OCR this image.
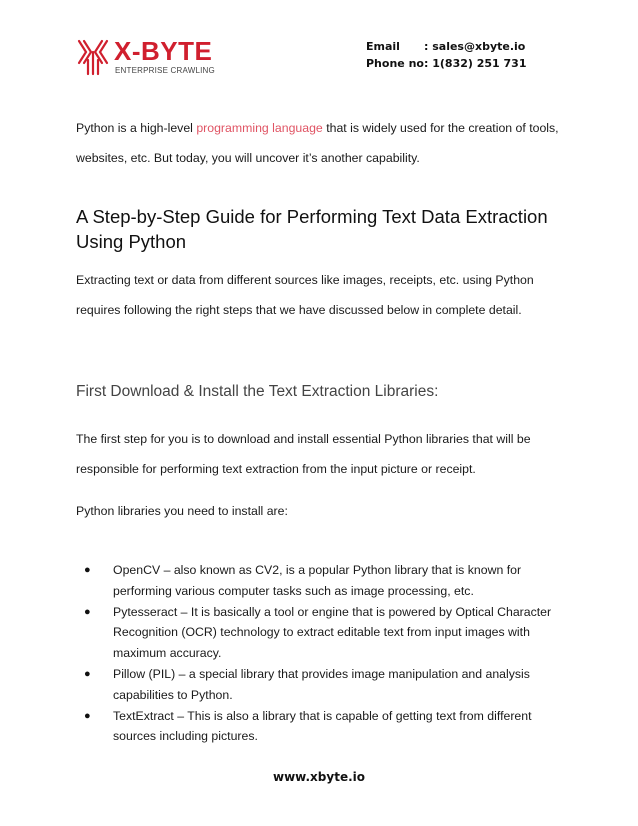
X-BYTE
ENTERPRISE CRAWLING
Email : sales@xbyte.io
Phone no: 1(832) 251 731

Python is a high-level programming language that is widely used for the creation of tools, websites, etc. But today, you will uncover it’s another capability.

A Step-by-Step Guide for Performing Text Data Extraction Using Python

Extracting text or data from different sources like images, receipts, etc. using Python requires following the right steps that we have discussed below in complete detail.

First Download & Install the Text Extraction Libraries:

The first step for you is to download and install essential Python libraries that will be responsible for performing text extraction from the input picture or receipt.

Python libraries you need to install are:

● OpenCV – also known as CV2, is a popular Python library that is known for performing various computer tasks such as image processing, etc.
● Pytesseract – It is basically a tool or engine that is powered by Optical Character Recognition (OCR) technology to extract editable text from input images with maximum accuracy.
● Pillow (PIL) – a special library that provides image manipulation and analysis capabilities to Python.
● TextExtract – This is also a library that is capable of getting text from different sources including pictures.
www.xbyte.io
